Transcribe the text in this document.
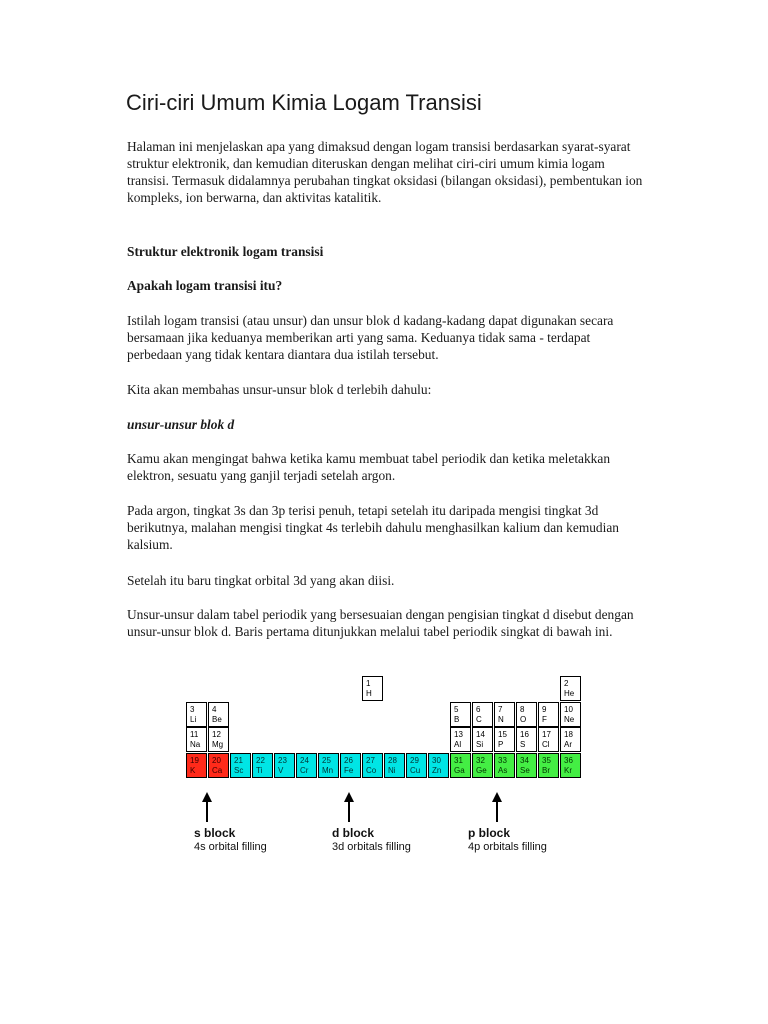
Ciri-ciri Umum Kimia Logam Transisi

Halaman ini menjelaskan apa yang dimaksud dengan logam transisi berdasarkan syarat-syarat struktur elektronik, dan kemudian diteruskan dengan melihat ciri-ciri umum kimia logam transisi. Termasuk didalamnya perubahan tingkat oksidasi (bilangan oksidasi), pembentukan ion kompleks, ion berwarna, dan aktivitas katalitik.

Struktur elektronik logam transisi

Apakah logam transisi itu?

Istilah logam transisi (atau unsur) dan unsur blok d kadang-kadang dapat digunakan secara bersamaan jika keduanya memberikan arti yang sama. Keduanya tidak sama - terdapat perbedaan yang tidak kentara diantara dua istilah tersebut.

Kita akan membahas unsur-unsur blok d terlebih dahulu:

unsur-unsur blok d

Kamu akan mengingat bahwa ketika kamu membuat tabel periodik dan ketika meletakkan elektron, sesuatu yang ganjil terjadi setelah argon.

Pada argon, tingkat 3s dan 3p terisi penuh, tetapi setelah itu daripada mengisi tingkat 3d berikutnya, malahan mengisi tingkat 4s terlebih dahulu menghasilkan kalium dan kemudian kalsium.

Setelah itu baru tingkat orbital 3d yang akan diisi.

Unsur-unsur dalam tabel periodik yang bersesuaian dengan pengisian tingkat d disebut dengan unsur-unsur blok d. Baris pertama ditunjukkan melalui tabel periodik singkat di bawah ini.

1
H
2
He
3
Li
4
Be
5
B
6
C
7
N
8
O
9
F
10
Ne
11
Na
12
Mg
13
Al
14
Si
15
P
16
S
17
Cl
18
Ar
19
K
20
Ca
21
Sc
22
Ti
23
V
24
Cr
25
Mn
26
Fe
27
Co
28
Ni
29
Cu
30
Zn
31
Ga
32
Ge
33
As
34
Se
35
Br
36
Kr
s block
4s orbital filling
d block
3d orbitals filling
p block
4p orbitals filling
